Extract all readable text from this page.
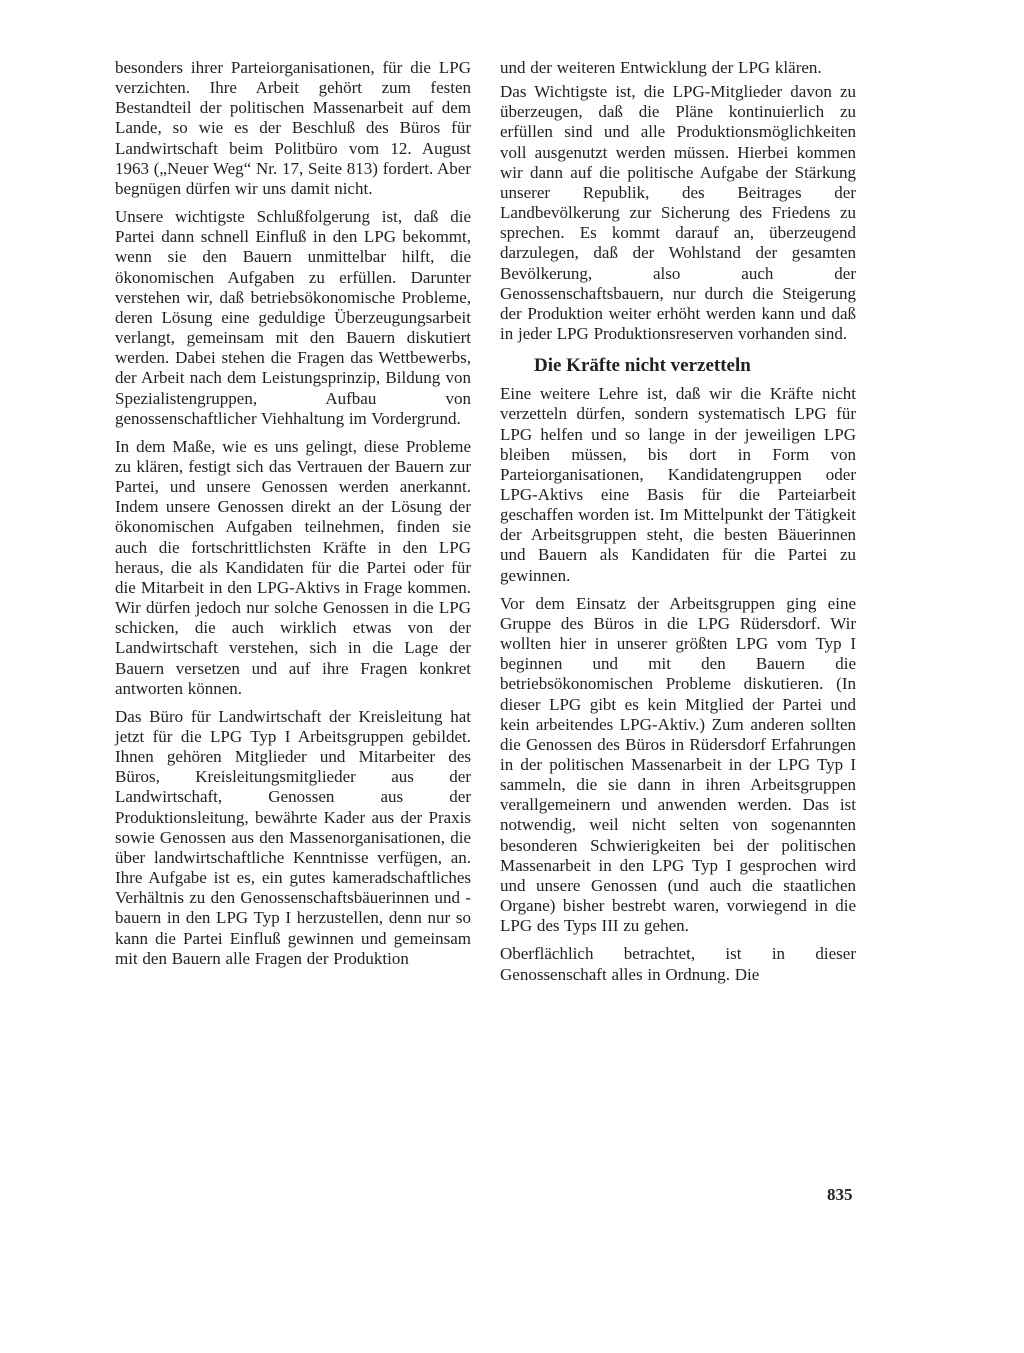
besonders ihrer Parteiorganisationen, für die LPG verzichten. Ihre Arbeit gehört zum festen Bestandteil der politischen Massenarbeit auf dem Lande, so wie es der Beschluß des Büros für Landwirtschaft beim Politbüro vom 12. August 1963 („Neuer Weg“ Nr. 17, Seite 813) fordert. Aber begnügen dürfen wir uns damit nicht.

Unsere wichtigste Schlußfolgerung ist, daß die Partei dann schnell Einfluß in den LPG bekommt, wenn sie den Bauern unmittelbar hilft, die ökonomischen Aufgaben zu erfüllen. Darunter verstehen wir, daß betriebsökonomische Probleme, deren Lösung eine geduldige Überzeugungsarbeit verlangt, gemeinsam mit den Bauern diskutiert werden. Dabei stehen die Fragen das Wettbewerbs, der Arbeit nach dem Leistungsprinzip, Bildung von Spezialistengruppen, Aufbau von genossenschaftlicher Viehhaltung im Vordergrund.

In dem Maße, wie es uns gelingt, diese Probleme zu klären, festigt sich das Vertrauen der Bauern zur Partei, und unsere Genossen werden anerkannt. Indem unsere Genossen direkt an der Lösung der ökonomischen Aufgaben teilnehmen, finden sie auch die fortschrittlichsten Kräfte in den LPG heraus, die als Kandidaten für die Partei oder für die Mitarbeit in den LPG-Aktivs in Frage kommen. Wir dürfen jedoch nur solche Genossen in die LPG schicken, die auch wirklich etwas von der Landwirtschaft verstehen, sich in die Lage der Bauern versetzen und auf ihre Fragen konkret antworten können.

Das Büro für Landwirtschaft der Kreisleitung hat jetzt für die LPG Typ I Arbeitsgruppen gebildet. Ihnen gehören Mitglieder und Mitarbeiter des Büros, Kreisleitungsmitglieder aus der Landwirtschaft, Genossen aus der Produktionsleitung, bewährte Kader aus der Praxis sowie Genossen aus den Massenorganisationen, die über landwirtschaftliche Kenntnisse verfügen, an. Ihre Aufgabe ist es, ein gutes kameradschaftliches Verhältnis zu den Genossenschaftsbäuerinnen und -bauern in den LPG Typ I herzustellen, denn nur so kann die Partei Einfluß gewinnen und gemeinsam mit den Bauern alle Fragen der Produktion

und der weiteren Entwicklung der LPG klären.

Das Wichtigste ist, die LPG-Mitglieder davon zu überzeugen, daß die Pläne kontinuierlich zu erfüllen sind und alle Produktionsmöglichkeiten voll ausgenutzt werden müssen. Hierbei kommen wir dann auf die politische Aufgabe der Stärkung unserer Republik, des Beitrages der Landbevölkerung zur Sicherung des Friedens zu sprechen. Es kommt darauf an, überzeugend darzulegen, daß der Wohlstand der gesamten Bevölkerung, also auch der Genossenschaftsbauern, nur durch die Steigerung der Produktion weiter erhöht werden kann und daß in jeder LPG Produktionsreserven vorhanden sind.

Die Kräfte nicht verzetteln

Eine weitere Lehre ist, daß wir die Kräfte nicht verzetteln dürfen, sondern systematisch LPG für LPG helfen und so lange in der jeweiligen LPG bleiben müssen, bis dort in Form von Parteiorganisationen, Kandidatengruppen oder LPG-Aktivs eine Basis für die Parteiarbeit geschaffen worden ist. Im Mittelpunkt der Tätigkeit der Arbeitsgruppen steht, die besten Bäuerinnen und Bauern als Kandidaten für die Partei zu gewinnen.

Vor dem Einsatz der Arbeitsgruppen ging eine Gruppe des Büros in die LPG Rüdersdorf. Wir wollten hier in unserer größten LPG vom Typ I beginnen und mit den Bauern die betriebsökonomischen Probleme diskutieren. (In dieser LPG gibt es kein Mitglied der Partei und kein arbeitendes LPG-Aktiv.) Zum anderen sollten die Genossen des Büros in Rüdersdorf Erfahrungen in der politischen Massenarbeit in der LPG Typ I sammeln, die sie dann in ihren Arbeitsgruppen verallgemeinern und anwenden werden. Das ist notwendig, weil nicht selten von sogenannten besonderen Schwierigkeiten bei der politischen Massenarbeit in den LPG Typ I gesprochen wird und unsere Genossen (und auch die staatlichen Organe) bisher bestrebt waren, vorwiegend in die LPG des Typs III zu gehen.

Oberflächlich betrachtet, ist in dieser Genossenschaft alles in Ordnung. Die

835
